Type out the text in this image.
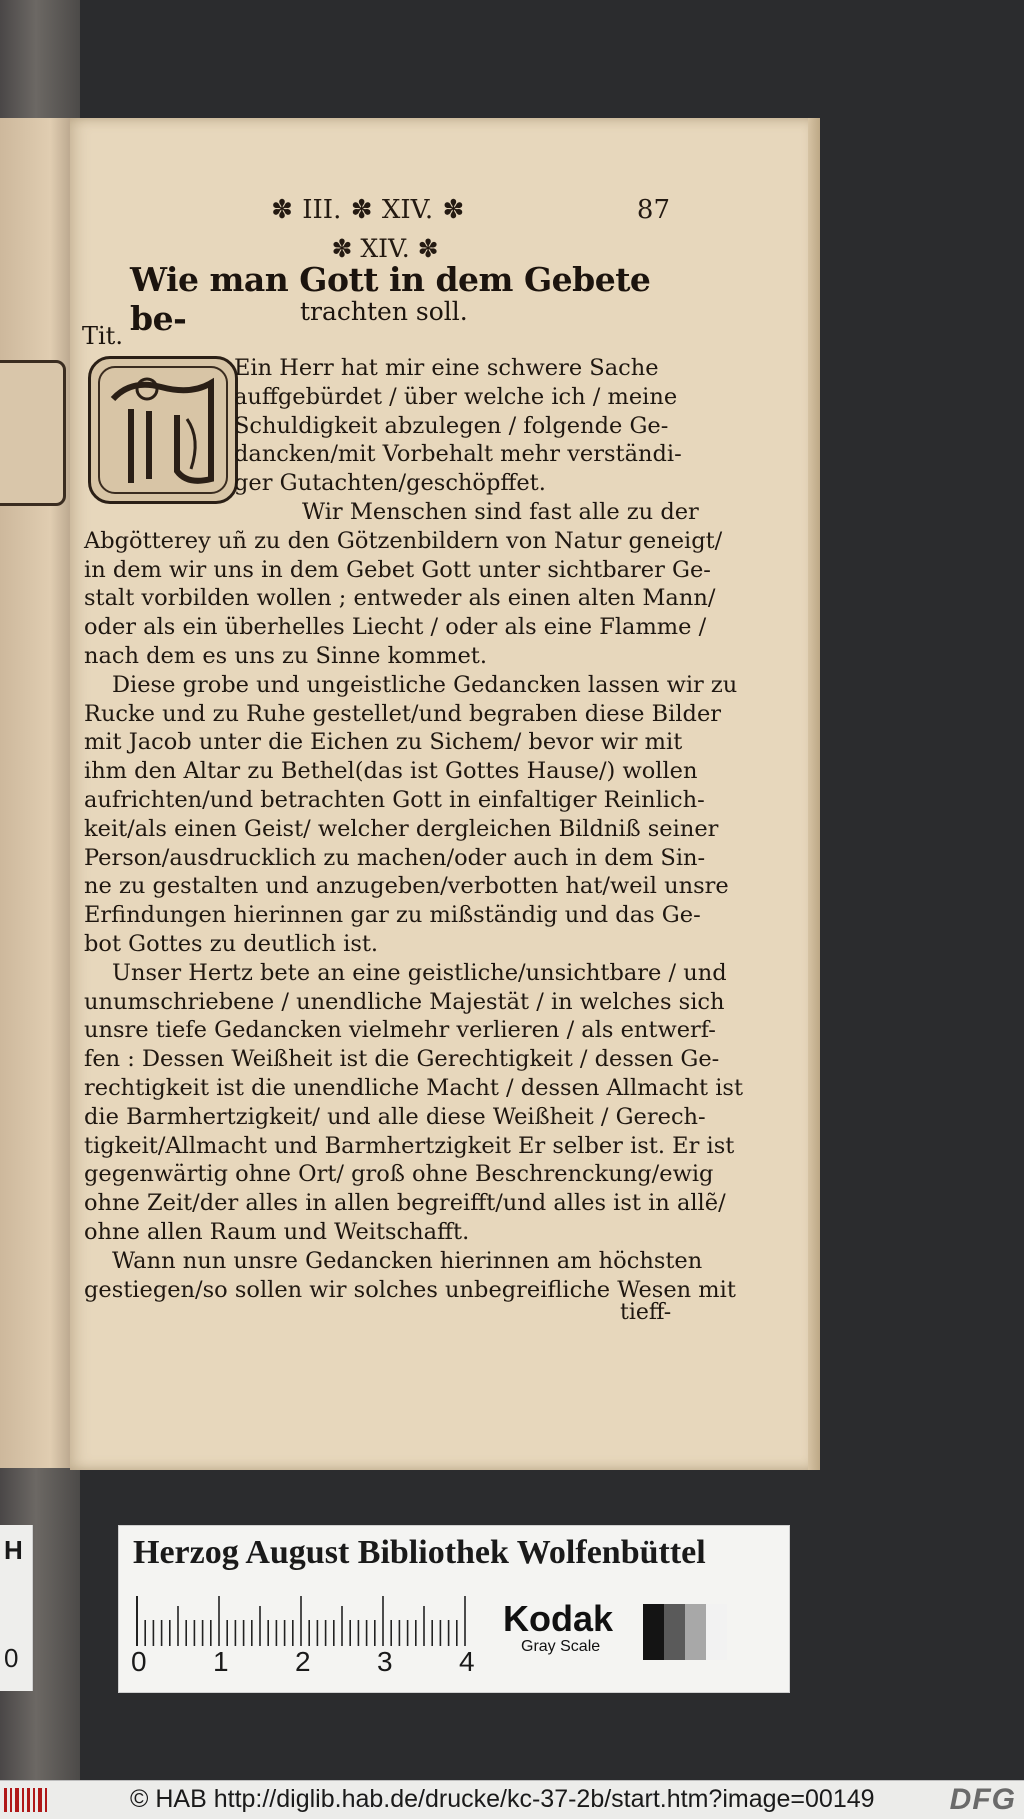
✽ III. ✽ XIV. ✽	87
✽ XIV. ✽
Wie man Gott in dem Gebete be-	trachten soll.
Tit.
Ein Herr hat mir eine schwere Sache
auffgebürdet / über welche ich / meine
Schuldigkeit abzulegen / folgende Ge-
dancken/mit Vorbehalt mehr verständi-
ger Gutachten/geschöpffet.
Wir Menschen sind fast alle zu der
Abgötterey uñ zu den Götzenbildern von Natur geneigt/
in dem wir uns in dem Gebet Gott unter sichtbarer Ge-
stalt vorbilden wollen ; entweder als einen alten Mann/
oder als ein überhelles Liecht / oder als eine Flamme /
nach dem es uns zu Sinne kommet.
Diese grobe und ungeistliche Gedancken lassen wir zu
Rucke und zu Ruhe gestellet/und begraben diese Bilder
mit Jacob unter die Eichen zu Sichem/ bevor wir mit
ihm den Altar zu Bethel(das ist Gottes Hause/) wollen
aufrichten/und betrachten Gott in einfaltiger Reinlich-
keit/als einen Geist/ welcher dergleichen Bildniß seiner
Person/ausdrucklich zu machen/oder auch in dem Sin-
ne zu gestalten und anzugeben/verbotten hat/weil unsre
Erfindungen hierinnen gar zu mißständig und das Ge-
bot Gottes zu deutlich ist.
Unser Hertz bete an eine geistliche/unsichtbare / und
unumschriebene / unendliche Majestät / in welches sich
unsre tiefe Gedancken vielmehr verlieren / als entwerf-
fen : Dessen Weißheit ist die Gerechtigkeit / dessen Ge-
rechtigkeit ist die unendliche Macht / dessen Allmacht ist
die Barmhertzigkeit/ und alle diese Weißheit / Gerech-
tigkeit/Allmacht und Barmhertzigkeit Er selber ist. Er ist
gegenwärtig ohne Ort/ groß ohne Beschrenckung/ewig
ohne Zeit/der alles in allen begreifft/und alles ist in allẽ/
ohne allen Raum und Weitschafft.
Wann nun unsre Gedancken hierinnen am höchsten
gestiegen/so sollen wir solches unbegreifliche Wesen mit
tieff-
H
0
Herzog August Bibliothek Wolfenbüttel
0 1 2 3 4
Kodak
Gray Scale
© HAB http://diglib.hab.de/drucke/kc-37-2b/start.htm?image=00149	DFG
